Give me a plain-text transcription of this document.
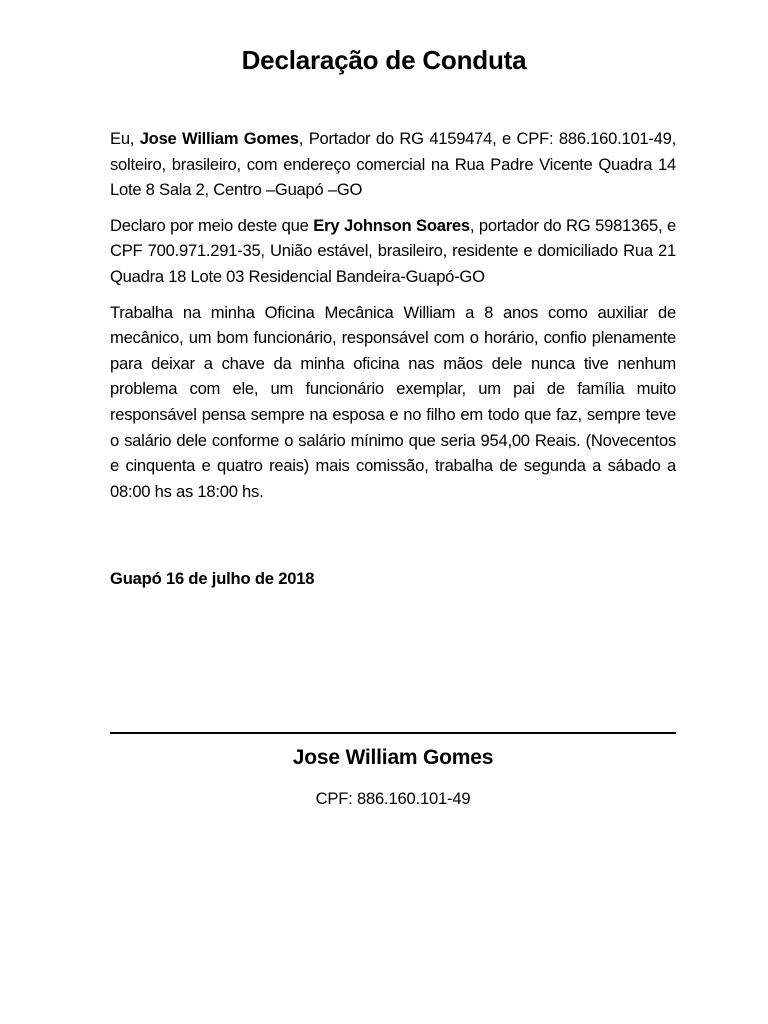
Declaração de Conduta

Eu, Jose William Gomes, Portador do RG 4159474, e CPF: 886.160.101-49, solteiro, brasileiro, com endereço comercial na Rua Padre Vicente Quadra 14 Lote 8 Sala 2, Centro –Guapó –GO

Declaro por meio deste que Ery Johnson Soares, portador do RG 5981365, e CPF 700.971.291-35, União estável, brasileiro, residente e domiciliado Rua 21 Quadra 18 Lote 03 Residencial Bandeira-Guapó-GO

Trabalha na minha Oficina Mecânica William a 8 anos como auxiliar de mecânico, um bom funcionário, responsável com o horário, confio plenamente para deixar a chave da minha oficina nas mãos dele nunca tive nenhum problema com ele, um funcionário exemplar, um pai de família muito responsável pensa sempre na esposa e no filho em todo que faz, sempre teve o salário dele conforme o salário mínimo que seria 954,00 Reais. (Novecentos e cinquenta e quatro reais) mais comissão, trabalha de segunda a sábado a 08:00 hs as 18:00 hs.

Guapó 16 de julho de 2018
Jose William Gomes
CPF: 886.160.101-49
